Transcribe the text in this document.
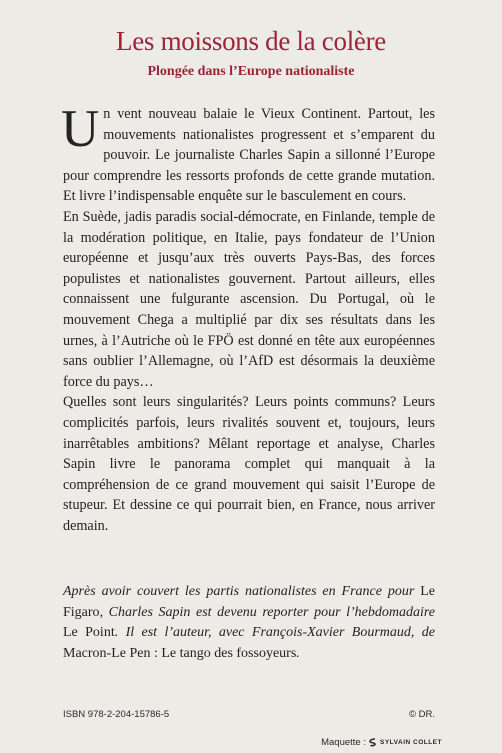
Les moissons de la colère
Plongée dans l’Europe nationaliste

Un vent nouveau balaie le Vieux Continent. Partout, les mouvements nationalistes progressent et s’emparent du pouvoir. Le journaliste Charles Sapin a sillonné l’Europe pour comprendre les ressorts profonds de cette grande mutation. Et livre l’indispensable enquête sur le basculement en cours.

En Suède, jadis paradis social-démocrate, en Finlande, temple de la modération politique, en Italie, pays fondateur de l’Union européenne et jusqu’aux très ouverts Pays-Bas, des forces populistes et nationalistes gouvernent. Partout ailleurs, elles connaissent une fulgurante ascension. Du Portugal, où le mouvement Chega a multiplié par dix ses résultats dans les urnes, à l’Autriche où le FPÖ est donné en tête aux européennes sans oublier l’Allemagne, où l’AfD est désormais la deuxième force du pays…

Quelles sont leurs singularités? Leurs points communs? Leurs complicités parfois, leurs rivalités souvent et, toujours, leurs inarrêtables ambitions? Mêlant reportage et analyse, Charles Sapin livre le panorama complet qui manquait à la compréhension de ce grand mouvement qui saisit l’Europe de stupeur. Et dessine ce qui pourrait bien, en France, nous arriver demain.

Après avoir couvert les partis nationalistes en France pour Le Figaro, Charles Sapin est devenu reporter pour l’hebdomadaire Le Point. Il est l’auteur, avec François-Xavier Bourmaud, de Macron-Le Pen : Le tango des fossoyeurs.
ISBN 978-2-204-15786-5	© DR.
Maquette : SYLVAIN COLLET
